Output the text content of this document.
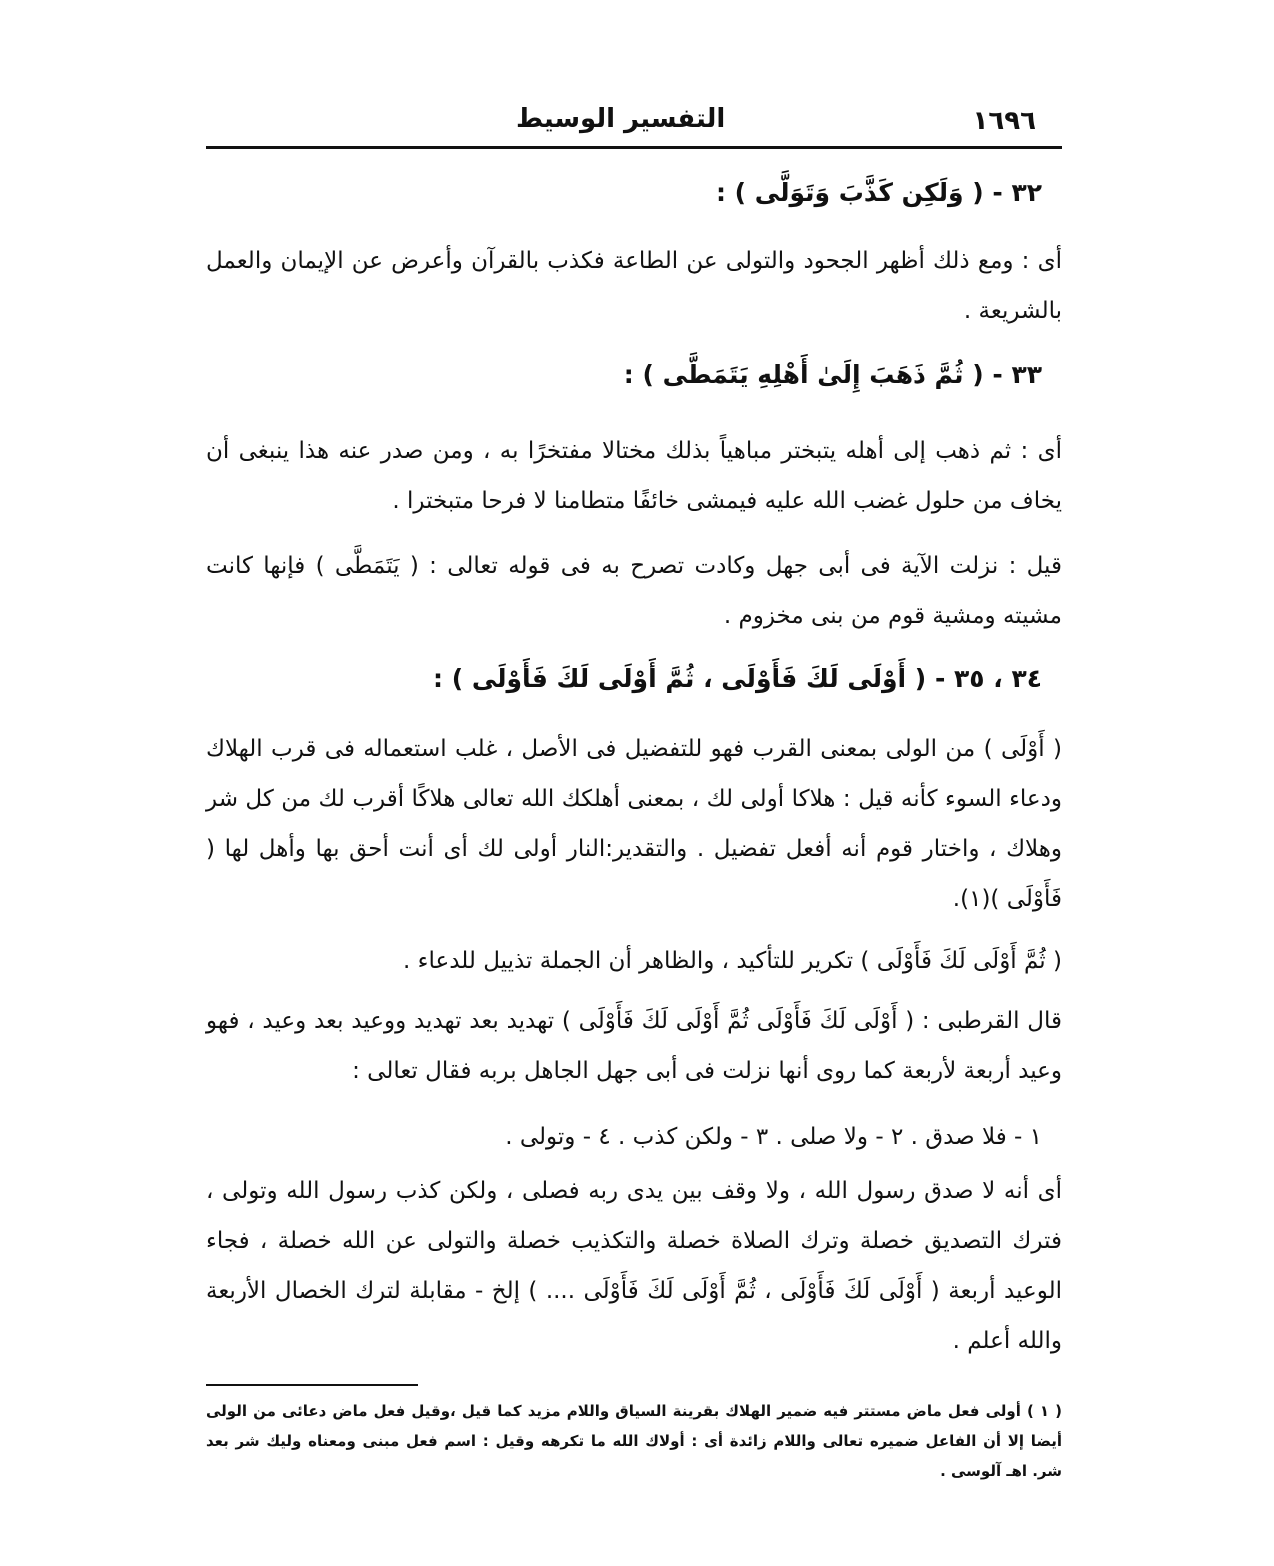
١٦٩٦
التفسير الوسيط
٣٢ - ( وَلَكِن كَذَّبَ وَتَوَلَّى ) :
أى : ومع ذلك أظهر الجحود والتولى عن الطاعة فكذب بالقرآن وأعرض عن الإيمان والعمل بالشريعة .
٣٣ - ( ثُمَّ ذَهَبَ إِلَىٰ أَهْلِهِ يَتَمَطَّى ) :
أى : ثم ذهب إلى أهله يتبختر مباهياً بذلك مختالا مفتخرًا به ، ومن صدر عنه هذا ينبغى أن يخاف من حلول غضب الله عليه فيمشى خائفًا متطامنا لا فرحا متبخترا .
قيل : نزلت الآية فى أبى جهل وكادت تصرح به فى قوله تعالى : ( يَتَمَطَّى ) فإنها كانت مشيته ومشية قوم من بنى مخزوم .
٣٤ ، ٣٥ - ( أَوْلَى لَكَ فَأَوْلَى ، ثُمَّ أَوْلَى لَكَ فَأَوْلَى ) :
( أَوْلَى ) من الولى بمعنى القرب فهو للتفضيل فى الأصل ، غلب استعماله فى قرب الهلاك ودعاء السوء كأنه قيل : هلاكا أولى لك ، بمعنى أهلكك الله تعالى هلاكًا أقرب لك من كل شر وهلاك ، واختار قوم أنه أفعل تفضيل . والتقدير:النار أولى لك أى أنت أحق بها وأهل لها ( فَأَوْلَى )(١).
( ثُمَّ أَوْلَى لَكَ فَأَوْلَى ) تكرير للتأكيد ، والظاهر أن الجملة تذييل للدعاء .
قال القرطبى : ( أَوْلَى لَكَ فَأَوْلَى ثُمَّ أَوْلَى لَكَ فَأَوْلَى ) تهديد بعد تهديد ووعيد بعد وعيد ، فهو وعيد أربعة لأربعة كما روى أنها نزلت فى أبى جهل الجاهل بربه فقال تعالى :
١ - فلا صدق . ٢ - ولا صلى . ٣ - ولكن كذب . ٤ - وتولى .
أى أنه لا صدق رسول الله ، ولا وقف بين يدى ربه فصلى ، ولكن كذب رسول الله وتولى ، فترك التصديق خصلة وترك الصلاة خصلة والتكذيب خصلة والتولى عن الله خصلة ، فجاء الوعيد أربعة ( أَوْلَى لَكَ فَأَوْلَى ، ثُمَّ أَوْلَى لَكَ فَأَوْلَى .... ) إلخ - مقابلة لترك الخصال الأربعة والله أعلم .
( ١ ) أولى فعل ماض مستتر فيه ضمير الهلاك بقرينة السياق واللام مزيد كما قيل ،وقيل فعل ماض دعائى من الولى أيضا إلا أن الفاعل ضميره تعالى واللام زائدة أى : أولاك الله ما تكرهه وقيل : اسم فعل مبنى ومعناه وليك شر بعد شر. اهـ آلوسى .
